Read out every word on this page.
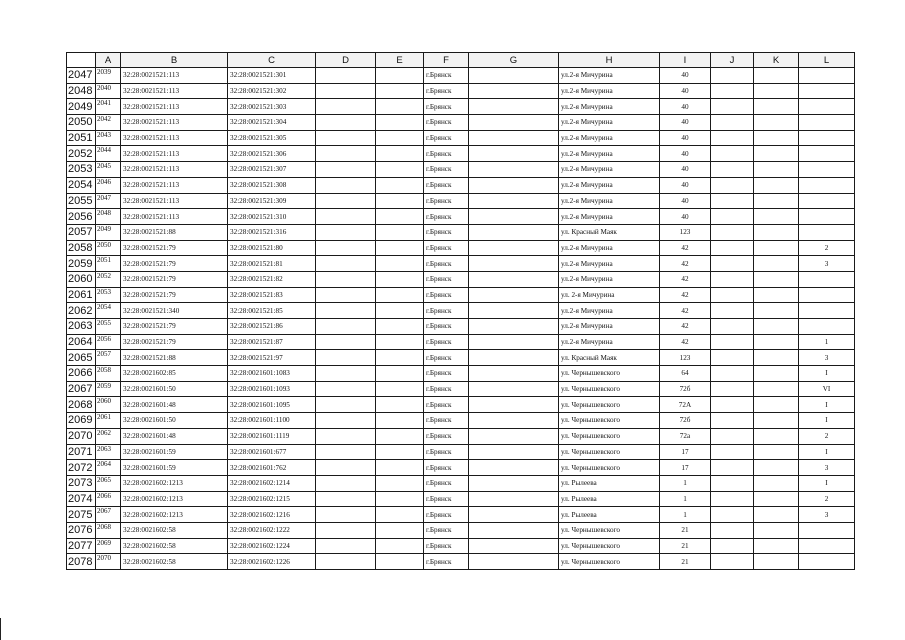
	A	B	C	D	E	F	G	H	I	J	K	L
2047	2039	32:28:0021521:113	32:28:0021521:301			г.Брянск		ул.2-я Мичурина	40			
2048	2040	32:28:0021521:113	32:28:0021521:302			г.Брянск		ул.2-я Мичурина	40			
2049	2041	32:28:0021521:113	32:28:0021521:303			г.Брянск		ул.2-я Мичурина	40			
2050	2042	32:28:0021521:113	32:28:0021521:304			г.Брянск		ул.2-я Мичурина	40			
2051	2043	32:28:0021521:113	32:28:0021521:305			г.Брянск		ул.2-я Мичурина	40			
2052	2044	32:28:0021521:113	32:28:0021521:306			г.Брянск		ул.2-я Мичурина	40			
2053	2045	32:28:0021521:113	32:28:0021521:307			г.Брянск		ул.2-я Мичурина	40			
2054	2046	32:28:0021521:113	32:28:0021521:308			г.Брянск		ул.2-я Мичурина	40			
2055	2047	32:28:0021521:113	32:28:0021521:309			г.Брянск		ул.2-я Мичурина	40			
2056	2048	32:28:0021521:113	32:28:0021521:310			г.Брянск		ул.2-я Мичурина	40			
2057	2049	32:28:0021521:88	32:28:0021521:316			г.Брянск		ул. Красный Маяк	123			
2058	2050	32:28:0021521:79	32:28:0021521:80			г.Брянск		ул.2-я Мичурина	42			2
2059	2051	32:28:0021521:79	32:28:0021521:81			г.Брянск		ул.2-я Мичурина	42			3
2060	2052	32:28:0021521:79	32:28:0021521:82			г.Брянск		ул.2-я Мичурина	42			
2061	2053	32:28:0021521:79	32:28:0021521:83			г.Брянск		ул. 2-я Мичурина	42			
2062	2054	32:28:0021521:340	32:28:0021521:85			г.Брянск		ул.2-я Мичурина	42			
2063	2055	32:28:0021521:79	32:28:0021521:86			г.Брянск		ул.2-я Мичурина	42			
2064	2056	32:28:0021521:79	32:28:0021521:87			г.Брянск		ул.2-я Мичурина	42			1
2065	2057	32:28:0021521:88	32:28:0021521:97			г.Брянск		ул. Красный Маяк	123			3
2066	2058	32:28:0021602:85	32:28:0021601:1083			г.Брянск		ул. Чернышевского	64			I
2067	2059	32:28:0021601:50	32:28:0021601:1093			г.Брянск		ул. Чернышевского	72б			VI
2068	2060	32:28:0021601:48	32:28:0021601:1095			г.Брянск		ул. Чернышевского	72А			I
2069	2061	32:28:0021601:50	32:28:0021601:1100			г.Брянск		ул. Чернышевского	72б			I
2070	2062	32:28:0021601:48	32:28:0021601:1119			г.Брянск		ул. Чернышевского	72а			2
2071	2063	32:28:0021601:59	32:28:0021601:677			г.Брянск		ул. Чернышевского	17			I
2072	2064	32:28:0021601:59	32:28:0021601:762			г.Брянск		ул. Чернышевского	17			3
2073	2065	32:28:0021602:1213	32:28:0021602:1214			г.Брянск		ул. Рылеева	1			I
2074	2066	32:28:0021602:1213	32:28:0021602:1215			г.Брянск		ул. Рылеева	1			2
2075	2067	32:28:0021602:1213	32:28:0021602:1216			г.Брянск		ул. Рылеева	1			3
2076	2068	32:28:0021602:58	32:28:0021602:1222			г.Брянск		ул. Чернышевского	21			
2077	2069	32:28:0021602:58	32:28:0021602:1224			г.Брянск		ул. Чернышевского	21			
2078	2070	32:28:0021602:58	32:28:0021602:1226			г.Брянск		ул. Чернышевского	21			
